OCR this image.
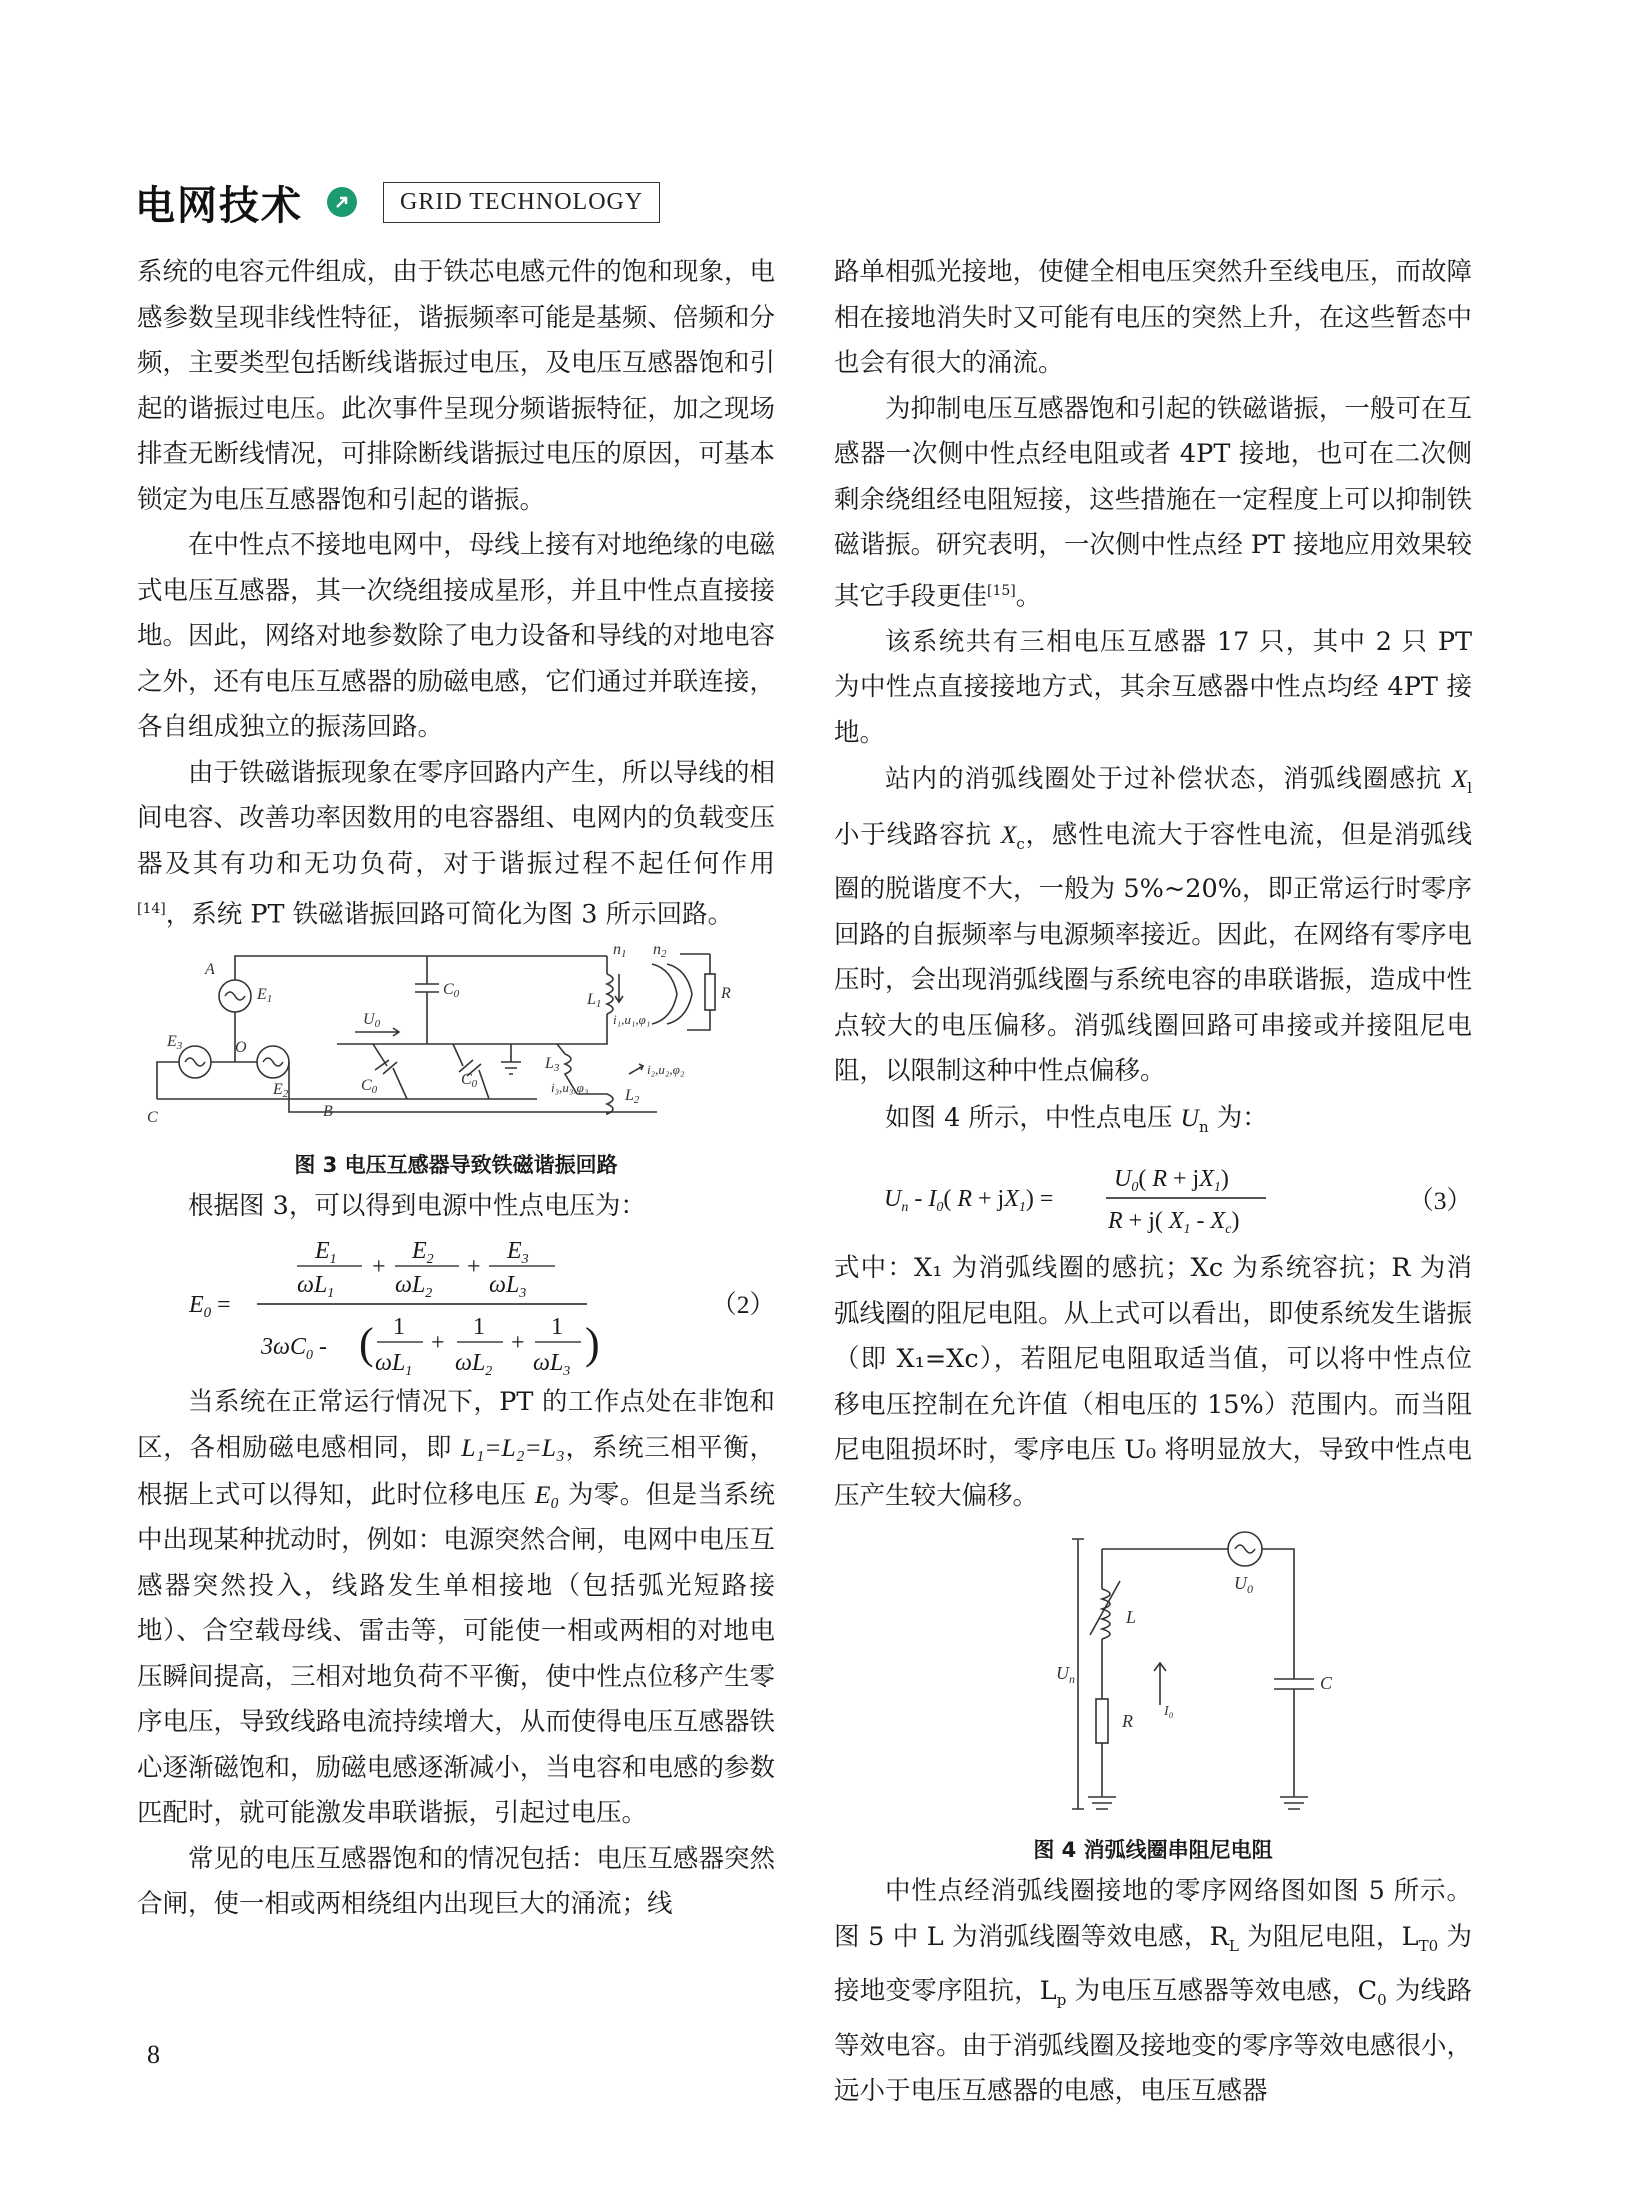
电网技术	GRID TECHNOLOGY

系统的电容元件组成，由于铁芯电感元件的饱和现象，电感参数呈现非线性特征，谐振频率可能是基频、倍频和分频，主要类型包括断线谐振过电压，及电压互感器饱和引起的谐振过电压。此次事件呈现分频谐振特征，加之现场排查无断线情况，可排除断线谐振过电压的原因，可基本锁定为电压互感器饱和引起的谐振。

在中性点不接地电网中，母线上接有对地绝缘的电磁式电压互感器，其一次绕组接成星形，并且中性点直接接地。因此，网络对地参数除了电力设备和导线的对地电容之外，还有电压互感器的励磁电感，它们通过并联连接，各自组成独立的振荡回路。

由于铁磁谐振现象在零序回路内产生，所以导线的相间电容、改善功率因数用的电容器组、电网内的负载变压器及其有功和无功负荷，对于谐振过程不起任何作用[14]，系统 PT 铁磁谐振回路可简化为图 3 所示回路。

A
E1
E3
E2
O
C	B
U0
C0
C0
C0
L1
L3
L2
n1 n2
R
i₁,u₁,φ₁
i₂,u₂,φ₂
i₃,u₃,φ₃
图 3 电压互感器导致铁磁谐振回路

根据图 3，可以得到电源中性点电压为：

$E_0$ =
$E_1$
$\omega L_1$
+
$E_2$
$\omega L_2$
+
$E_3$
$\omega L_3$
$3\omega C_0$ - ( 1
$\omega L_1$
+
1
$\omega L_2$
+
1
$\omega L_3$
)
（2）

当系统在正常运行情况下，PT 的工作点处在非饱和区，各相励磁电感相同，即 L₁=L₂=L₃，系统三相平衡，根据上式可以得知，此时位移电压 E₀ 为零。但是当系统中出现某种扰动时，例如：电源突然合闸，电网中电压互感器突然投入，线路发生单相接地（包括弧光短路接地）、合空载母线、雷击等，可能使一相或两相的对地电压瞬间提高，三相对地负荷不平衡，使中性点位移产生零序电压，导致线路电流持续增大，从而使得电压互感器铁心逐渐磁饱和，励磁电感逐渐减小，当电容和电感的参数匹配时，就可能激发串联谐振，引起过电压。

常见的电压互感器饱和的情况包括：电压互感器突然合闸，使一相或两相绕组内出现巨大的涌流；线

路单相弧光接地，使健全相电压突然升至线电压，而故障相在接地消失时又可能有电压的突然上升，在这些暂态中也会有很大的涌流。

为抑制电压互感器饱和引起的铁磁谐振，一般可在互感器一次侧中性点经电阻或者 4PT 接地，也可在二次侧剩余绕组经电阻短接，这些措施在一定程度上可以抑制铁磁谐振。研究表明，一次侧中性点经 PT 接地应用效果较其它手段更佳[15]。

该系统共有三相电压互感器 17 只，其中 2 只 PT 为中性点直接接地方式，其余互感器中性点均经 4PT 接地。

站内的消弧线圈处于过补偿状态，消弧线圈感抗 $X_l$ 小于线路容抗 $X_c$，感性电流大于容性电流，但是消弧线圈的脱谐度不大，一般为 5%~20%，即正常运行时零序回路的自振频率与电源频率接近。因此，在网络有零序电压时，会出现消弧线圈与系统电容的串联谐振，造成中性点较大的电压偏移。消弧线圈回路可串接或并接阻尼电阻，以限制这种中性点偏移。

如图 4 所示，中性点电压 $U_n$ 为：

$U_n - I_0$( $R + jX_1$) =
$U_0$( $R + jX_1$)
R + j( $X_1 - X_c$)
（3）

式中：X₁ 为消弧线圈的感抗；Xc 为系统容抗；R 为消弧线圈的阻尼电阻。从上式可以看出，即使系统发生谐振（即 X₁=Xc），若阻尼电阻取适当值，可以将中性点位移电压控制在允许值（相电压的 15%）范围内。而当阻尼电阻损坏时，零序电压 U₀ 将明显放大，导致中性点电压产生较大偏移。

$U_0$
L
$U_n$
R
C
I₀
图 4 消弧线圈串阻尼电阻

中性点经消弧线圈接地的零序网络图如图 5 所示。图 5 中 L 为消弧线圈等效电感，$R_L$ 为阻尼电阻，$L_{T0}$ 为接地变零序阻抗，$L_p$ 为电压互感器等效电感，$C_0$ 为线路等效电容。由于消弧线圈及接地变的零序等效电感很小，远小于电压互感器的电感，电压互感器

8
